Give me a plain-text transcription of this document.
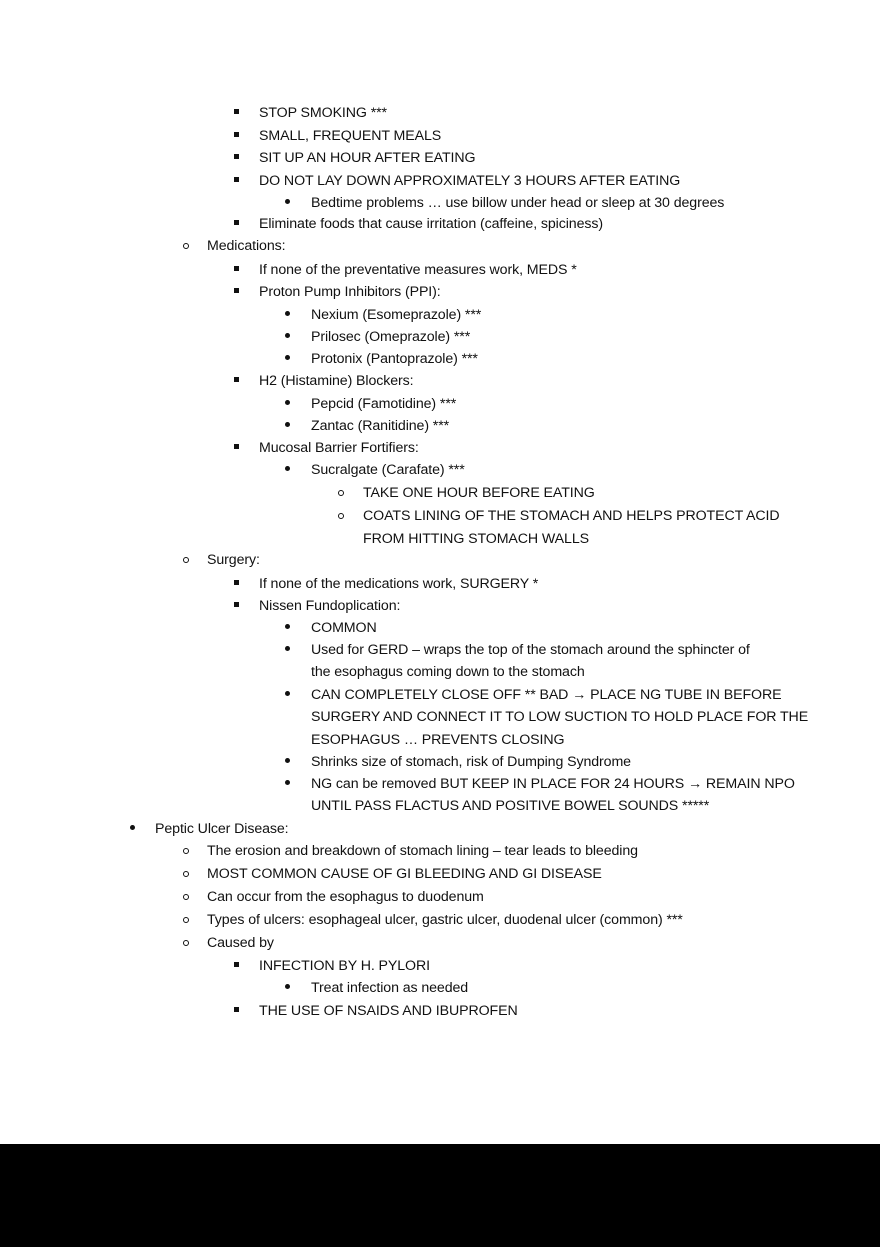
STOP SMOKING ***
SMALL, FREQUENT MEALS
SIT UP AN HOUR AFTER EATING
DO NOT LAY DOWN APPROXIMATELY 3 HOURS AFTER EATING
Bedtime problems … use billow under head or sleep at 30 degrees
Eliminate foods that cause irritation (caffeine, spiciness)
Medications:
If none of the preventative measures work, MEDS *
Proton Pump Inhibitors (PPI):
Nexium (Esomeprazole) ***
Prilosec (Omeprazole) ***
Protonix (Pantoprazole) ***
H2 (Histamine) Blockers:
Pepcid (Famotidine) ***
Zantac (Ranitidine) ***
Mucosal Barrier Fortifiers:
Sucralgate (Carafate) ***
TAKE ONE HOUR BEFORE EATING
COATS LINING OF THE STOMACH AND HELPS PROTECT ACID
FROM HITTING STOMACH WALLS
Surgery:
If none of the medications work, SURGERY *
Nissen Fundoplication:
COMMON
Used for GERD – wraps the top of the stomach around the sphincter of
the esophagus coming down to the stomach
CAN COMPLETELY CLOSE OFF ** BAD → PLACE NG TUBE IN BEFORE
SURGERY AND CONNECT IT TO LOW SUCTION TO HOLD PLACE FOR THE
ESOPHAGUS … PREVENTS CLOSING
Shrinks size of stomach, risk of Dumping Syndrome
NG can be removed BUT KEEP IN PLACE FOR 24 HOURS → REMAIN NPO
UNTIL PASS FLACTUS AND POSITIVE BOWEL SOUNDS *****
Peptic Ulcer Disease:
The erosion and breakdown of stomach lining – tear leads to bleeding
MOST COMMON CAUSE OF GI BLEEDING AND GI DISEASE
Can occur from the esophagus to duodenum
Types of ulcers: esophageal ulcer, gastric ulcer, duodenal ulcer (common) ***
Caused by
INFECTION BY H. PYLORI
Treat infection as needed
THE USE OF NSAIDS AND IBUPROFEN
